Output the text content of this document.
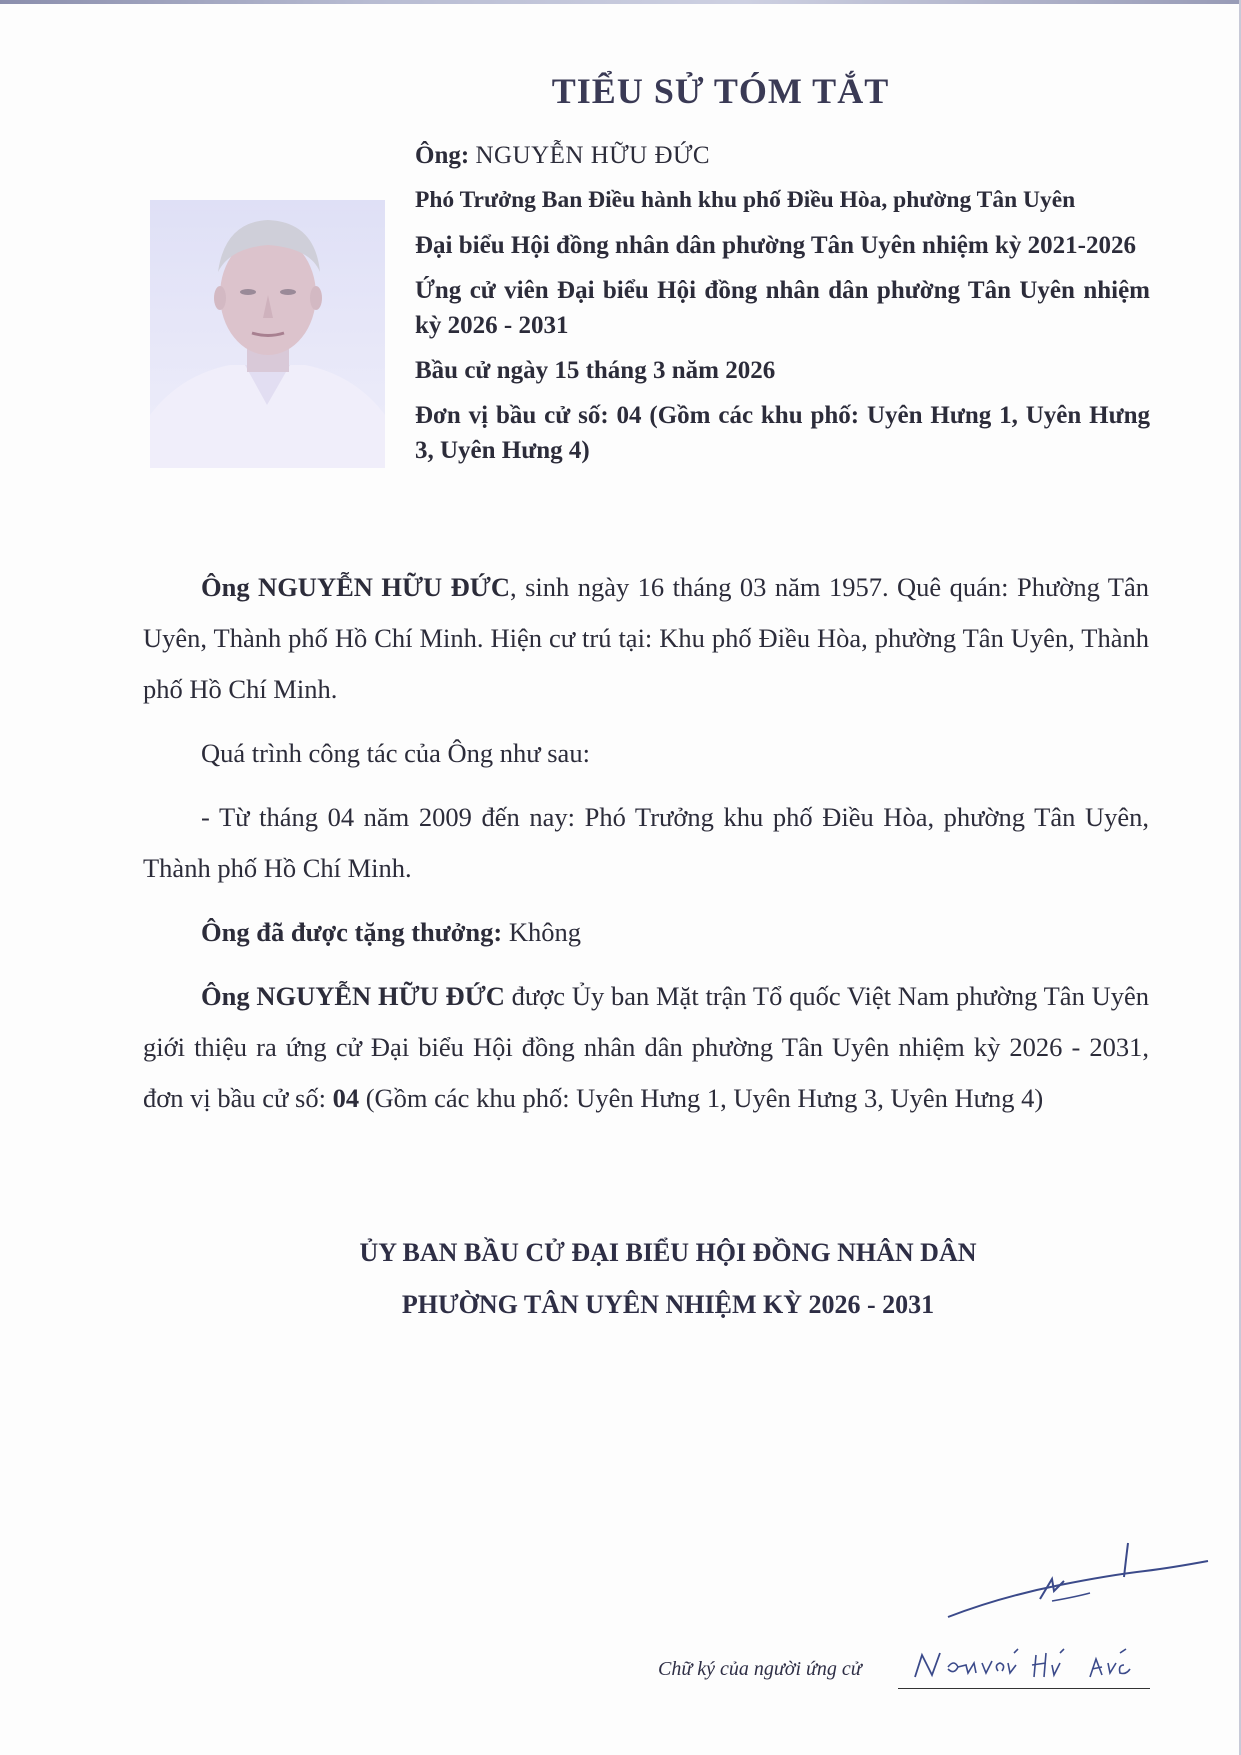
TIỂU SỬ TÓM TẮT
Ông: NGUYỄN HỮU ĐỨC
Phó Trưởng Ban Điều hành khu phố Điều Hòa, phường Tân Uyên
Đại biểu Hội đồng nhân dân phường Tân Uyên nhiệm kỳ 2021-2026
Ứng cử viên Đại biểu Hội đồng nhân dân phường Tân Uyên nhiệm kỳ 2026 - 2031
Bầu cử ngày 15 tháng 3 năm 2026
Đơn vị bầu cử số: 04 (Gồm các khu phố: Uyên Hưng 1, Uyên Hưng 3, Uyên Hưng 4)

Ông NGUYỄN HỮU ĐỨC, sinh ngày 16 tháng 03 năm 1957. Quê quán: Phường Tân Uyên, Thành phố Hồ Chí Minh. Hiện cư trú tại: Khu phố Điều Hòa, phường Tân Uyên, Thành phố Hồ Chí Minh.

Quá trình công tác của Ông như sau:

- Từ tháng 04 năm 2009 đến nay: Phó Trưởng khu phố Điều Hòa, phường Tân Uyên, Thành phố Hồ Chí Minh.

Ông đã được tặng thưởng: Không

Ông NGUYỄN HỮU ĐỨC được Ủy ban Mặt trận Tổ quốc Việt Nam phường Tân Uyên giới thiệu ra ứng cử Đại biểu Hội đồng nhân dân phường Tân Uyên nhiệm kỳ 2026 - 2031, đơn vị bầu cử số: 04 (Gồm các khu phố: Uyên Hưng 1, Uyên Hưng 3, Uyên Hưng 4)

ỦY BAN BẦU CỬ ĐẠI BIỂU HỘI ĐỒNG NHÂN DÂN
PHƯỜNG TÂN UYÊN NHIỆM KỲ 2026 - 2031
Chữ ký của người ứng cử
